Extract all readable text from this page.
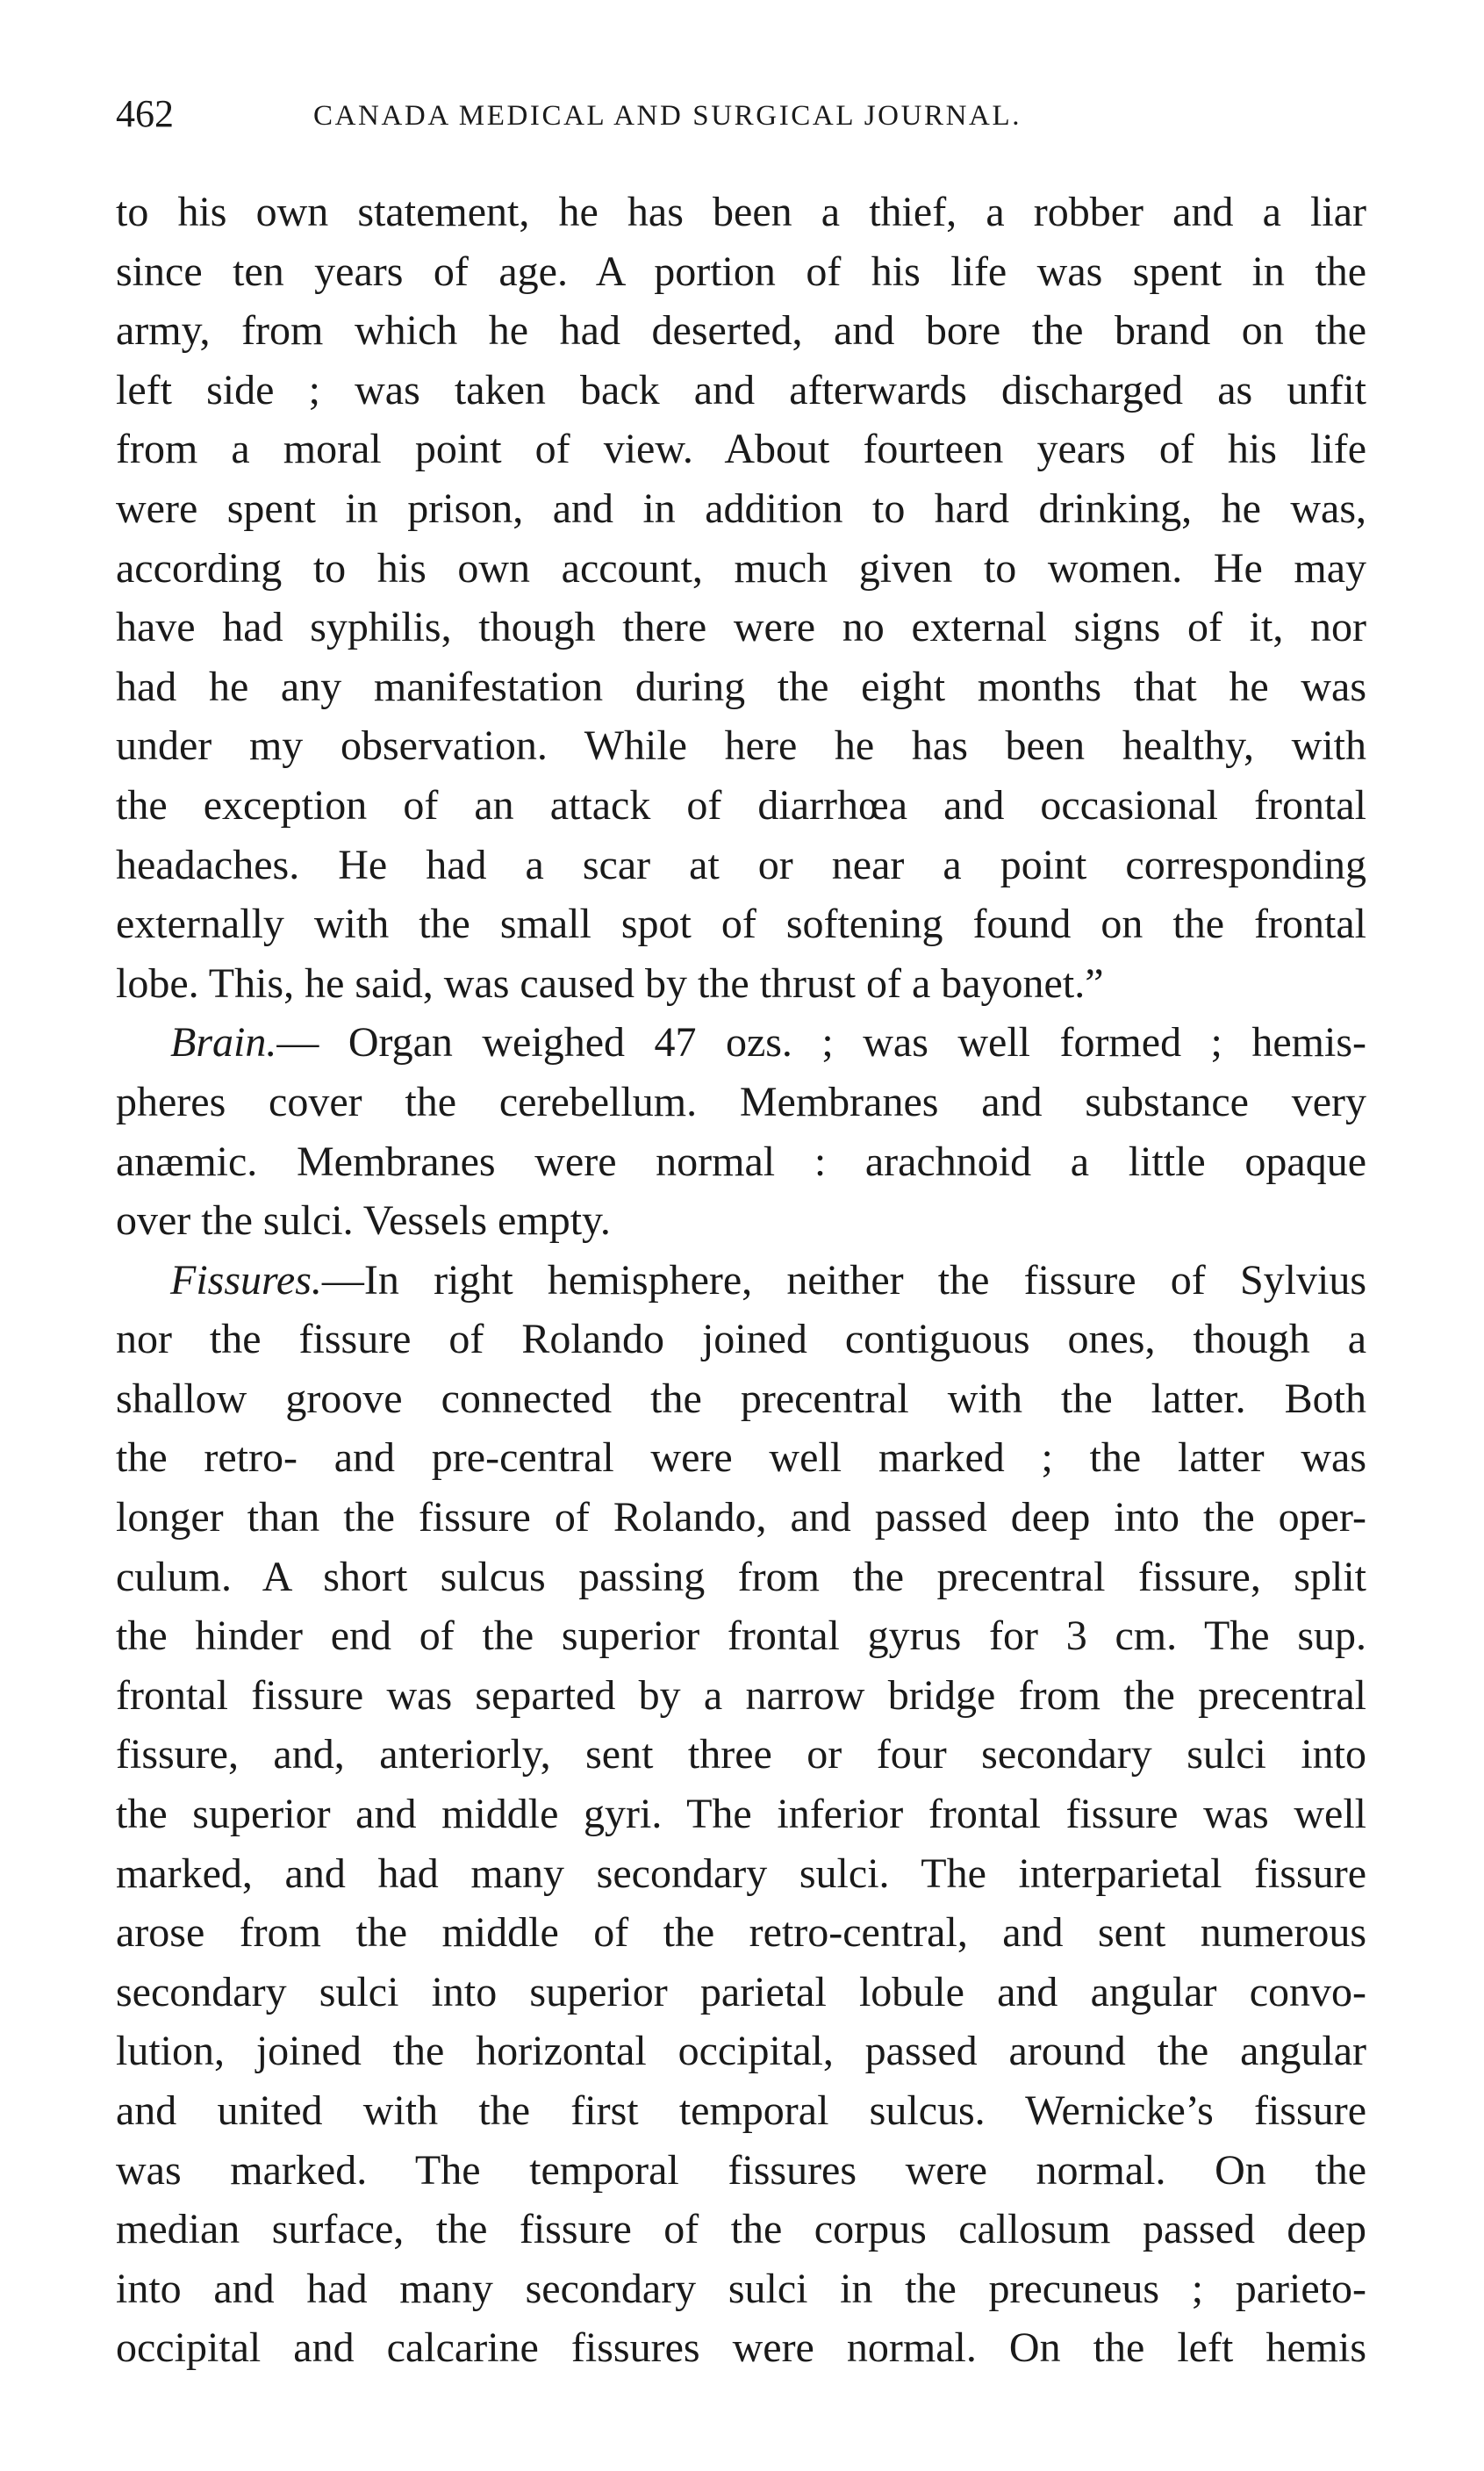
462	CANADA MEDICAL AND SURGICAL JOURNAL.
to his own statement, he has been a thief, a robber and a liar
since ten years of age. A portion of his life was spent in the
army, from which he had deserted, and bore the brand on the
left side ; was taken back and afterwards discharged as unfit
from a moral point of view. About fourteen years of his life
were spent in prison, and in addition to hard drinking, he was,
according to his own account, much given to women. He may
have had syphilis, though there were no external signs of it, nor
had he any manifestation during the eight months that he was
under my observation. While here he has been healthy, with
the exception of an attack of diarrhœa and occasional frontal
headaches. He had a scar at or near a point corresponding
externally with the small spot of softening found on the frontal
lobe. This, he said, was caused by the thrust of a bayonet.”
Brain.— Organ weighed 47 ozs. ; was well formed ; hemis-
pheres cover the cerebellum. Membranes and substance very
anæmic. Membranes were normal : arachnoid a little opaque
over the sulci. Vessels empty.
Fissures.—In right hemisphere, neither the fissure of Sylvius
nor the fissure of Rolando joined contiguous ones, though a
shallow groove connected the precentral with the latter. Both
the retro- and pre-central were well marked ; the latter was
longer than the fissure of Rolando, and passed deep into the oper-
culum. A short sulcus passing from the precentral fissure, split
the hinder end of the superior frontal gyrus for 3 cm. The sup.
frontal fissure was separted by a narrow bridge from the precentral
fissure, and, anteriorly, sent three or four secondary sulci into
the superior and middle gyri. The inferior frontal fissure was well
marked, and had many secondary sulci. The interparietal fissure
arose from the middle of the retro-central, and sent numerous
secondary sulci into superior parietal lobule and angular convo-
lution, joined the horizontal occipital, passed around the angular
and united with the first temporal sulcus. Wernicke’s fissure
was marked. The temporal fissures were normal. On the
median surface, the fissure of the corpus callosum passed deep
into and had many secondary sulci in the precuneus ; parieto-
occipital and calcarine fissures were normal. On the left hemis
